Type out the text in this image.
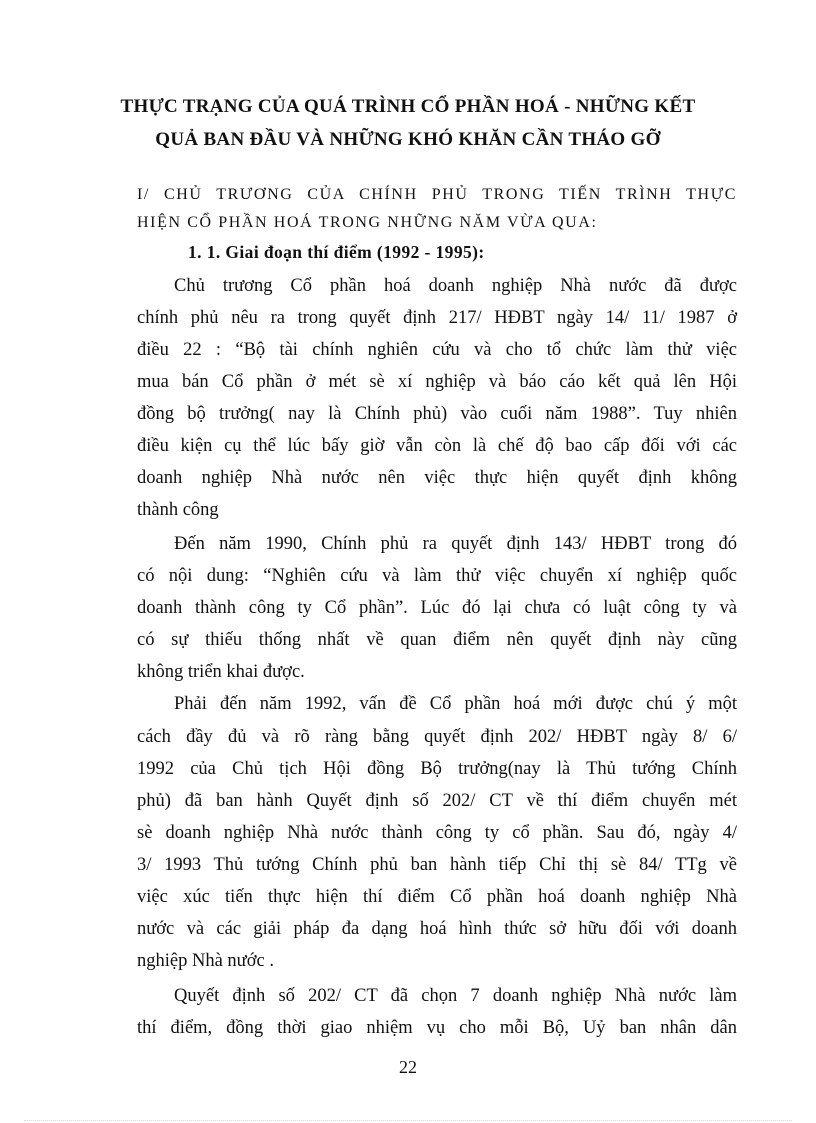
THỰC TRẠNG CỦA QUÁ TRÌNH CỔ PHẦN HOÁ - NHỮNG KẾT
QUẢ BAN ĐẦU VÀ NHỮNG KHÓ KHĂN CẦN THÁO GỠ
I/ CHỦ TRƯƠNG CỦA CHÍNH PHỦ TRONG TIẾN TRÌNH THỰC
HIỆN CỔ PHẦN HOÁ TRONG NHỮNG NĂM VỪA QUA:
1. 1. Giai đoạn thí điểm (1992 - 1995):
Chủ trương Cổ phần hoá doanh nghiệp Nhà nước đã được
chính phủ nêu ra trong quyết định 217/ HĐBT ngày 14/ 11/ 1987 ở
điều 22 : “Bộ tài chính nghiên cứu và cho tổ chức làm thử việc
mua bán Cổ phần ở mét sè xí nghiệp và báo cáo kết quả lên Hội
đồng bộ trưởng( nay là Chính phủ) vào cuối năm 1988”. Tuy nhiên
điều kiện cụ thể lúc bấy giờ vẫn còn là chế độ bao cấp đối với các
doanh nghiệp Nhà nước nên việc thực hiện quyết định không
thành công
Đến năm 1990, Chính phủ ra quyết định 143/ HĐBT trong đó
có nội dung: “Nghiên cứu và làm thử việc chuyển xí nghiệp quốc
doanh thành công ty Cổ phần”. Lúc đó lại chưa có luật công ty và
có sự thiếu thống nhất về quan điểm nên quyết định này cũng
không triển khai được.
Phải đến năm 1992, vấn đề Cổ phần hoá mới được chú ý một
cách đầy đủ và rõ ràng bằng quyết định 202/ HĐBT ngày 8/ 6/
1992 của Chủ tịch Hội đồng Bộ trưởng(nay là Thủ tướng Chính
phủ) đã ban hành Quyết định số 202/ CT về thí điểm chuyển mét
sè doanh nghiệp Nhà nước thành công ty cổ phần. Sau đó, ngày 4/
3/ 1993 Thủ tướng Chính phủ ban hành tiếp Chỉ thị sè 84/ TTg về
việc xúc tiến thực hiện thí điểm Cổ phần hoá doanh nghiệp Nhà
nước và các giải pháp đa dạng hoá hình thức sở hữu đối với doanh
nghiệp Nhà nước .
Quyết định số 202/ CT đã chọn 7 doanh nghiệp Nhà nước làm
thí điểm, đồng thời giao nhiệm vụ cho mỗi Bộ, Uỷ ban nhân dân
22
